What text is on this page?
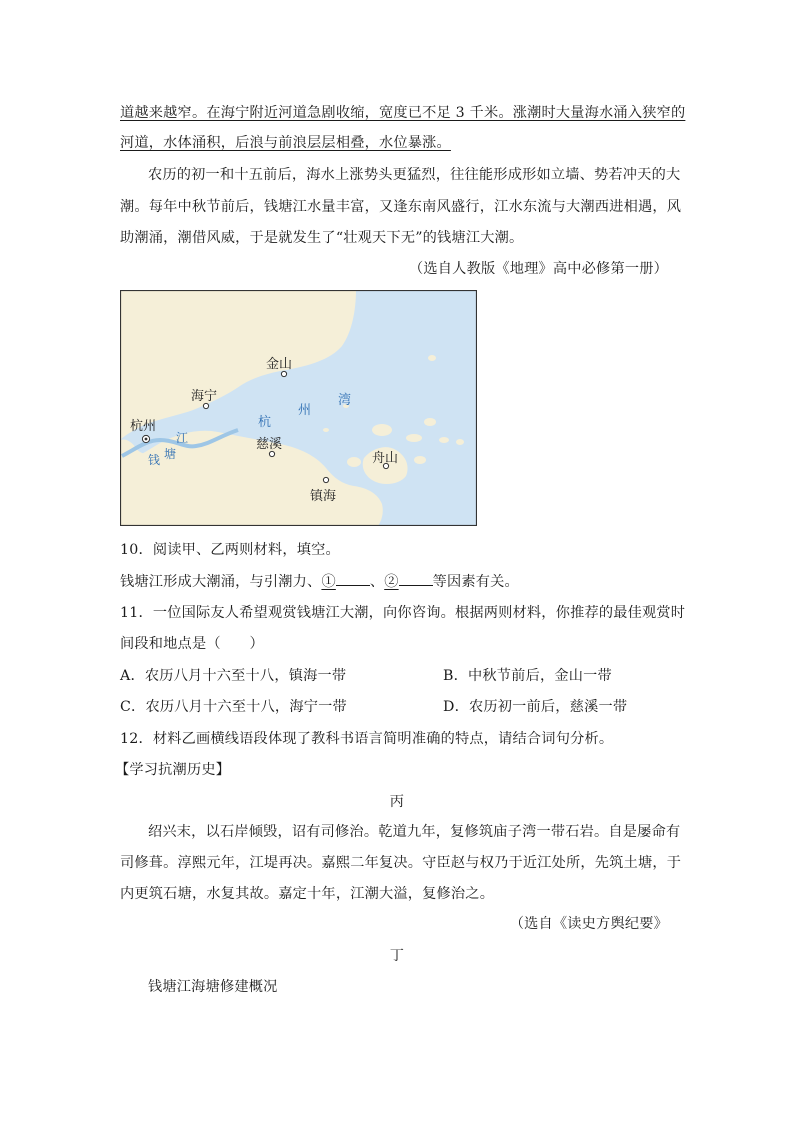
道越来越窄。在海宁附近河道急剧收缩，宽度已不足 3 千米。涨潮时大量海水涌入狭窄的
河道，水体涌积，后浪与前浪层层相叠，水位暴涨。
农历的初一和十五前后，海水上涨势头更猛烈，往往能形成形如立墙、势若冲天的大
潮。每年中秋节前后，钱塘江水量丰富，又逢东南风盛行，江水东流与大潮西进相遇，风
助潮涌，潮借风威，于是就发生了“壮观天下无”的钱塘江大潮。
（选自人教版《地理》高中必修第一册）
金山
海宁
杭州	杭
州
湾
江
塘
钱
慈溪
舟山
镇海
10．阅读甲、乙两则材料，填空。
钱塘江形成大潮涌，与引潮力、① 、② 等因素有关。
11．一位国际友人希望观赏钱塘江大潮，向你咨询。根据两则材料，你推荐的最佳观赏时
间段和地点是（　　）
A．农历八月十六至十八，镇海一带	B．中秋节前后，金山一带
C．农历八月十六至十八，海宁一带	D．农历初一前后，慈溪一带
12．材料乙画横线语段体现了教科书语言简明准确的特点，请结合词句分析。
【学习抗潮历史】
丙
绍兴末，以石岸倾毁，诏有司修治。乾道九年，复修筑庙子湾一带石岩。自是屡命有
司修葺。淳熙元年，江堤再决。嘉熙二年复决。守臣赵与权乃于近江处所，先筑土塘，于
内更筑石塘，水复其故。嘉定十年，江潮大溢，复修治之。
（选自《读史方舆纪要》
丁
钱塘江海塘修建概况
